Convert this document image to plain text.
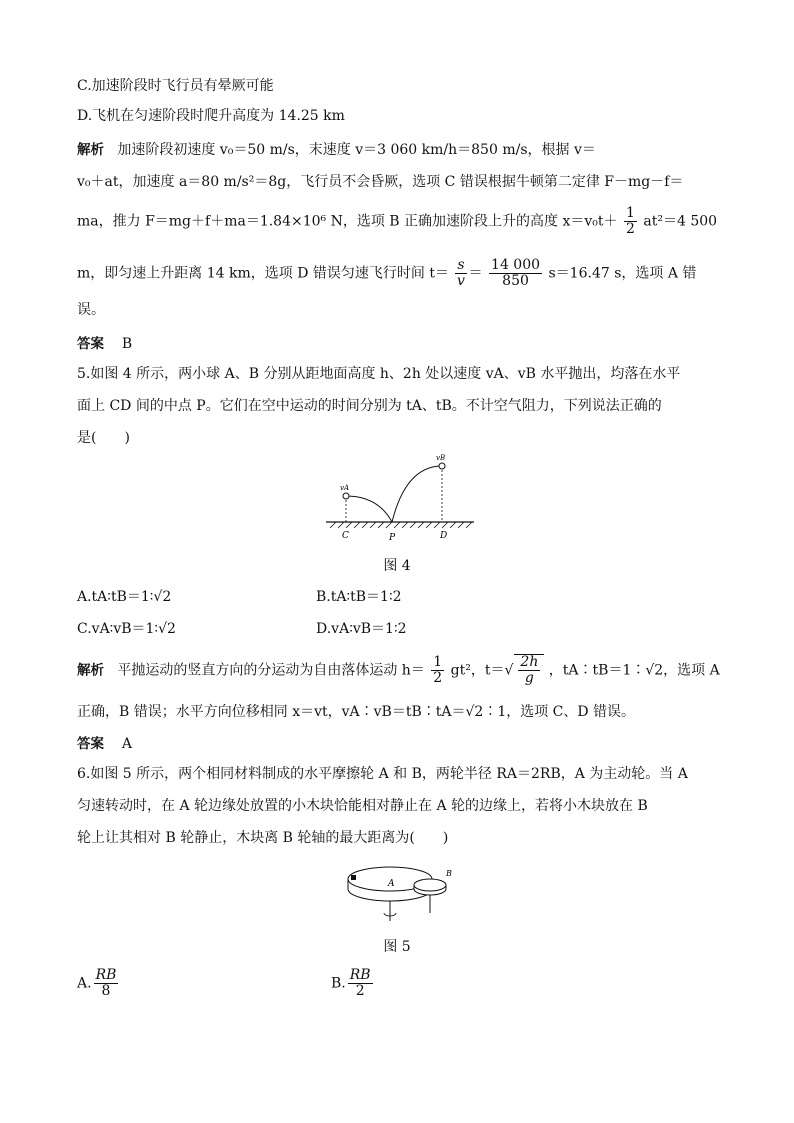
C.加速阶段时飞行员有晕厥可能
D.飞机在匀速阶段时爬升高度为 14.25 km
解析 加速阶段初速度 v₀＝50 m/s，末速度 v＝3 060 km/h＝850 m/s，根据 v＝
v₀＋at，加速度 a＝80 m/s²＝8g，飞行员不会昏厥，选项 C 错误根据牛顿第二定律 F－mg－f＝
ma，推力 F＝mg＋f＋ma＝1.84×10⁶ N，选项 B 正确加速阶段上升的高度 $x=v_0t+ \frac{1}{2} at^2=4$ 500
m，即匀速上升距离 14 km，选项 D 错误匀速飞行时间 $t= \frac{s}{v} = \frac{14 000}{850} s=16.47$ s，选项 A 错
误。
答案 B
5.如图 4 所示，两小球 A、B 分别从距地面高度 h、2h 处以速度 vA、vB 水平抛出，均落在水平
面上 CD 间的中点 P。它们在空中运动的时间分别为 tA、tB。不计空气阻力，下列说法正确的
是(　　)
vA
vB
C	P	D
图 4
A.tA∶tB＝1∶√2	B.tA∶tB＝1∶2
C.vA∶vB＝1∶√2	D.vA∶vB＝1∶2
解析 平抛运动的竖直方向的分运动为自由落体运动 $h= \frac{1}{2} gt^2$，$t=√ \frac{2h}{g}$ ，tA∶tB＝1∶√2，选项 A
正确，B 错误；水平方向位移相同 x＝vt，vA∶vB＝tB∶tA＝√2∶1，选项 C、D 错误。
答案 A
6.如图 5 所示，两个相同材料制成的水平摩擦轮 A 和 B，两轮半径 RA＝2RB，A 为主动轮。当 A
匀速转动时，在 A 轮边缘处放置的小木块恰能相对静止在 A 轮的边缘上，若将小木块放在 B
轮上让其相对 B 轮静止，木块离 B 轮轴的最大距离为(　　)
A
B
图 5
A. $\frac{RB}{8}$	B. $\frac{RB}{2}$
